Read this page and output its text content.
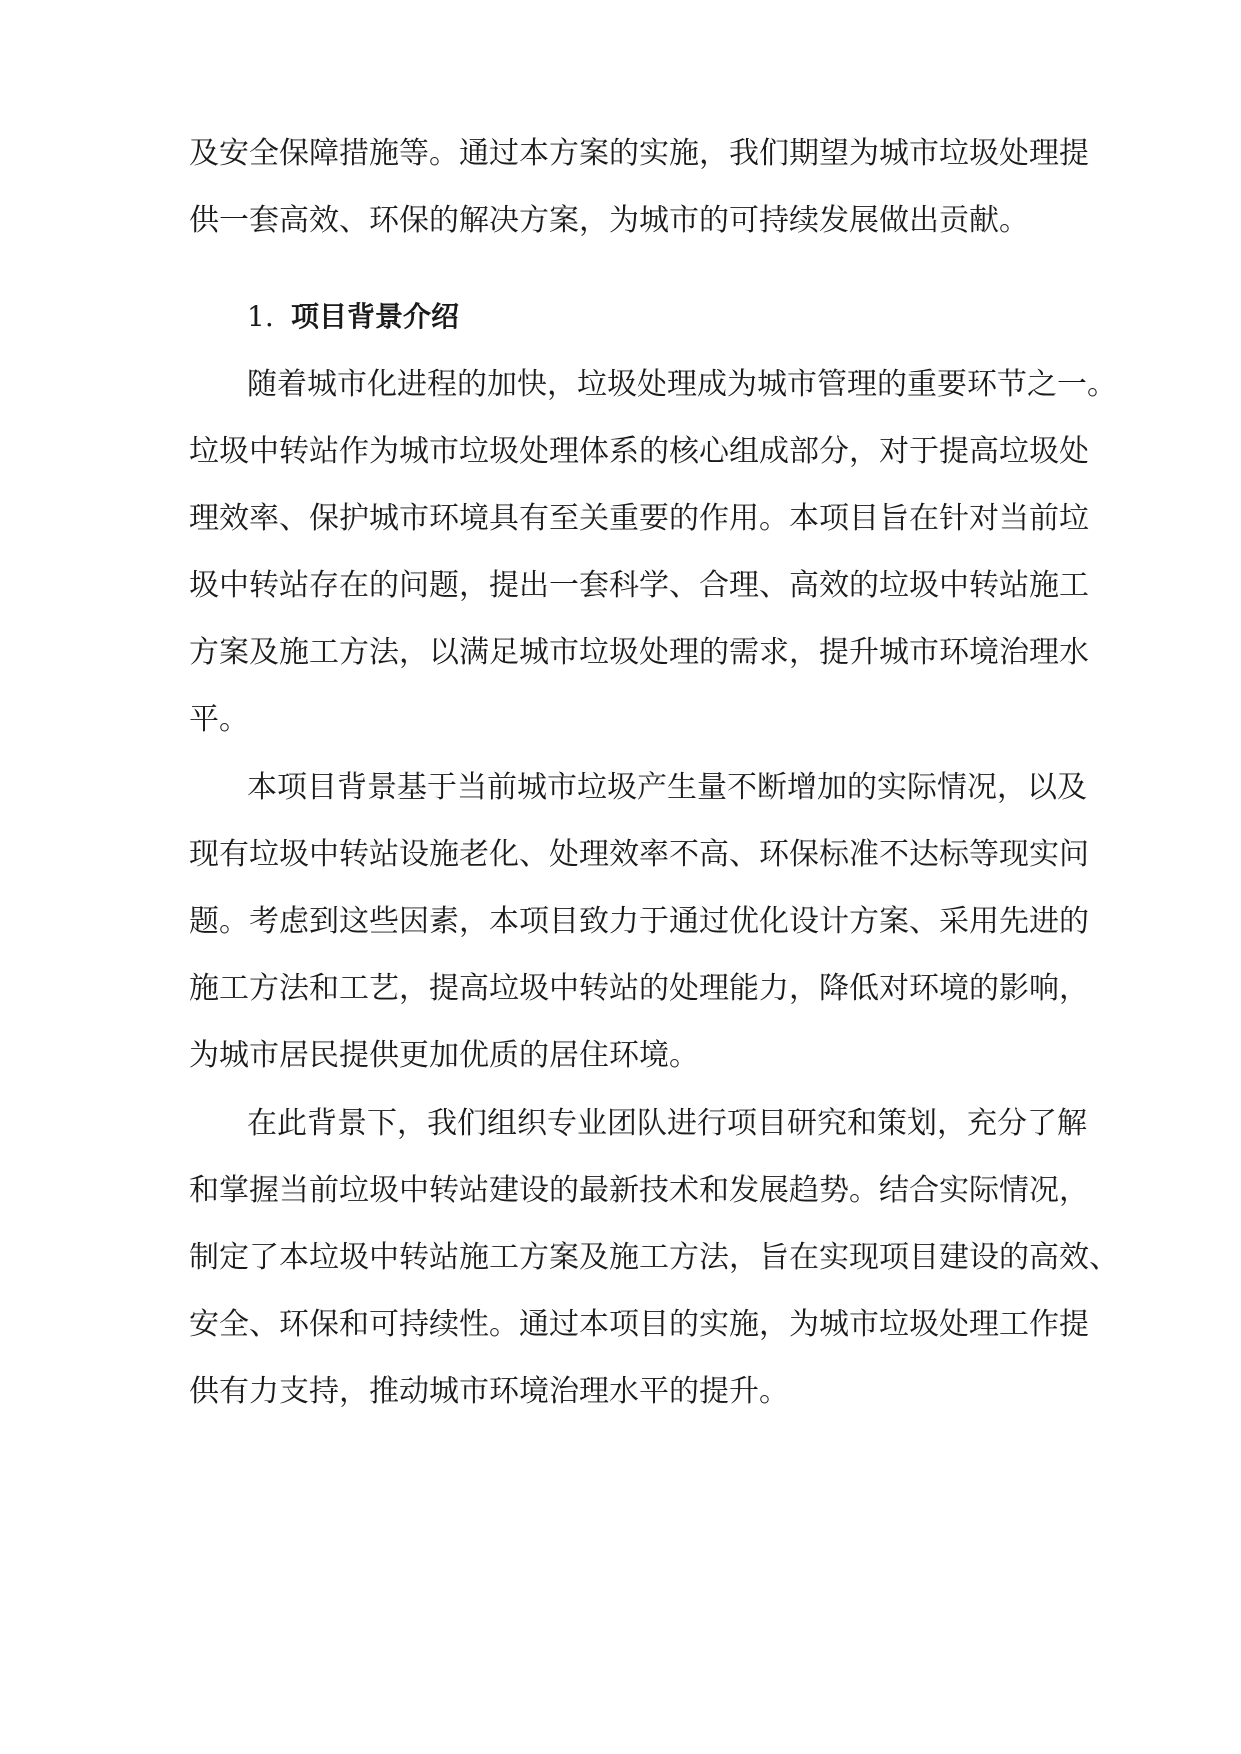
及安全保障措施等。通过本方案的实施，我们期望为城市垃圾处理提
供一套高效、环保的解决方案，为城市的可持续发展做出贡献。
1. 项目背景介绍
随着城市化进程的加快，垃圾处理成为城市管理的重要环节之一。
垃圾中转站作为城市垃圾处理体系的核心组成部分，对于提高垃圾处
理效率、保护城市环境具有至关重要的作用。本项目旨在针对当前垃
圾中转站存在的问题，提出一套科学、合理、高效的垃圾中转站施工
方案及施工方法，以满足城市垃圾处理的需求，提升城市环境治理水
平。
本项目背景基于当前城市垃圾产生量不断增加的实际情况，以及
现有垃圾中转站设施老化、处理效率不高、环保标准不达标等现实问
题。考虑到这些因素，本项目致力于通过优化设计方案、采用先进的
施工方法和工艺，提高垃圾中转站的处理能力，降低对环境的影响，
为城市居民提供更加优质的居住环境。
在此背景下，我们组织专业团队进行项目研究和策划，充分了解
和掌握当前垃圾中转站建设的最新技术和发展趋势。结合实际情况，
制定了本垃圾中转站施工方案及施工方法，旨在实现项目建设的高效、
安全、环保和可持续性。通过本项目的实施，为城市垃圾处理工作提
供有力支持，推动城市环境治理水平的提升。
